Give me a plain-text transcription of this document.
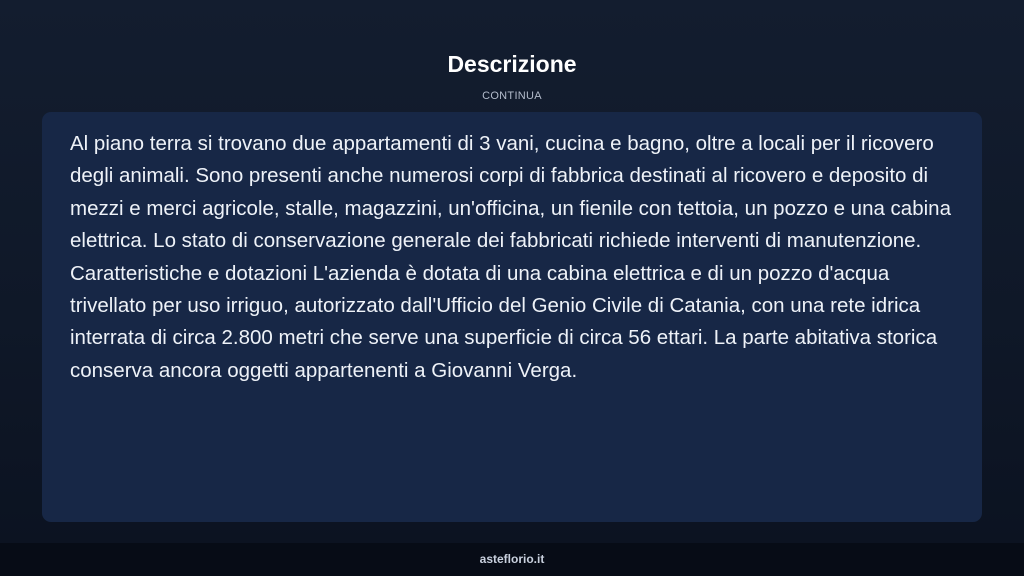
Descrizione
CONTINUA

Al piano terra si trovano due appartamenti di 3 vani, cucina e bagno, oltre a locali per il ricovero degli animali. Sono presenti anche numerosi corpi di fabbrica destinati al ricovero e deposito di mezzi e merci agricole, stalle, magazzini, un'officina, un fienile con tettoia, un pozzo e una cabina elettrica. Lo stato di conservazione generale dei fabbricati richiede interventi di manutenzione. Caratteristiche e dotazioni L'azienda è dotata di una cabina elettrica e di un pozzo d'acqua trivellato per uso irriguo, autorizzato dall'Ufficio del Genio Civile di Catania, con una rete idrica interrata di circa 2.800 metri che serve una superficie di circa 56 ettari. La parte abitativa storica conserva ancora oggetti appartenenti a Giovanni Verga.

asteflorio.it
